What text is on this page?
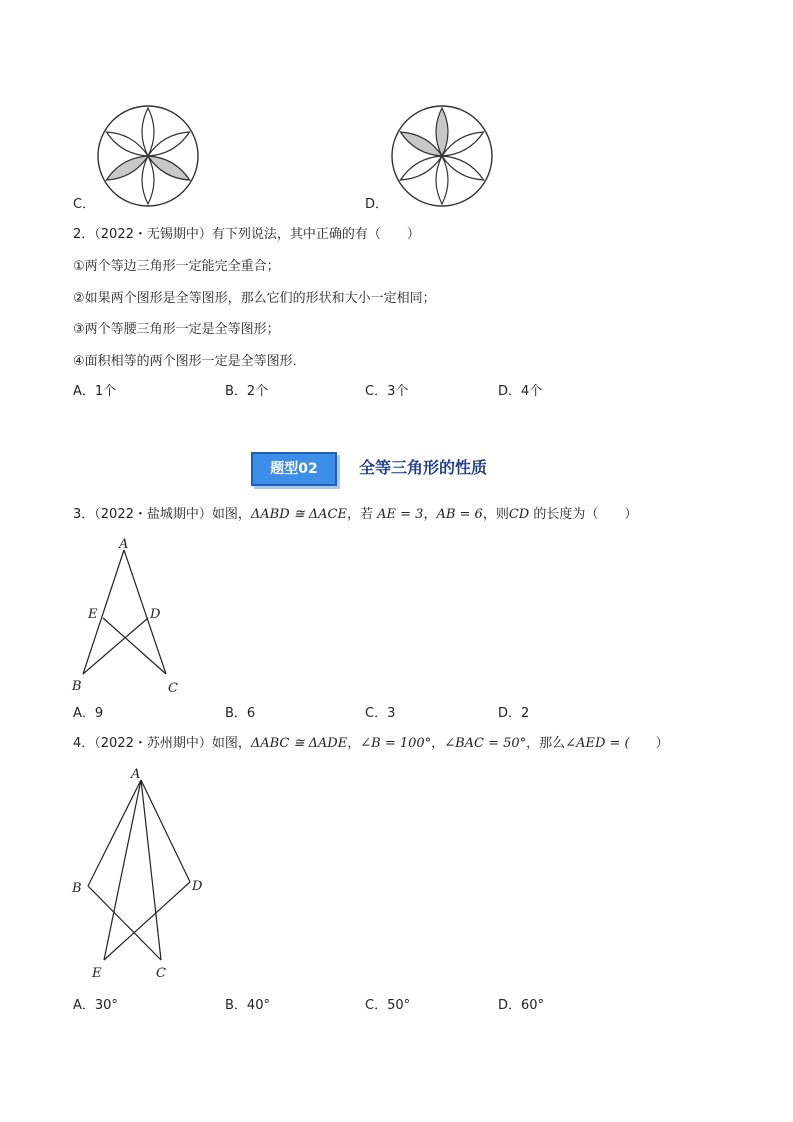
C．	D．
2．（2022・无锡期中）有下列说法，其中正确的有（　　）
①两个等边三角形一定能完全重合；
②如果两个图形是全等图形，那么它们的形状和大小一定相同；
③两个等腰三角形一定是全等图形；
④面积相等的两个图形一定是全等图形．
A．1个	B．2个	C．3个	D．4个
题型02	全等三角形的性质
3．（2022・盐城期中）如图，ΔABD ≅ ΔACE，若 AE = 3，AB = 6，则CD 的长度为（　　）
A
E	D
B	C
A．9	B．6	C．3	D．2
4．（2022・苏州期中）如图，ΔABC ≅ ΔADE，∠B = 100°，∠BAC = 50°，那么∠AED = (　　）
A
B	D
E	C
A．30°	B．40°	C．50°	D．60°
